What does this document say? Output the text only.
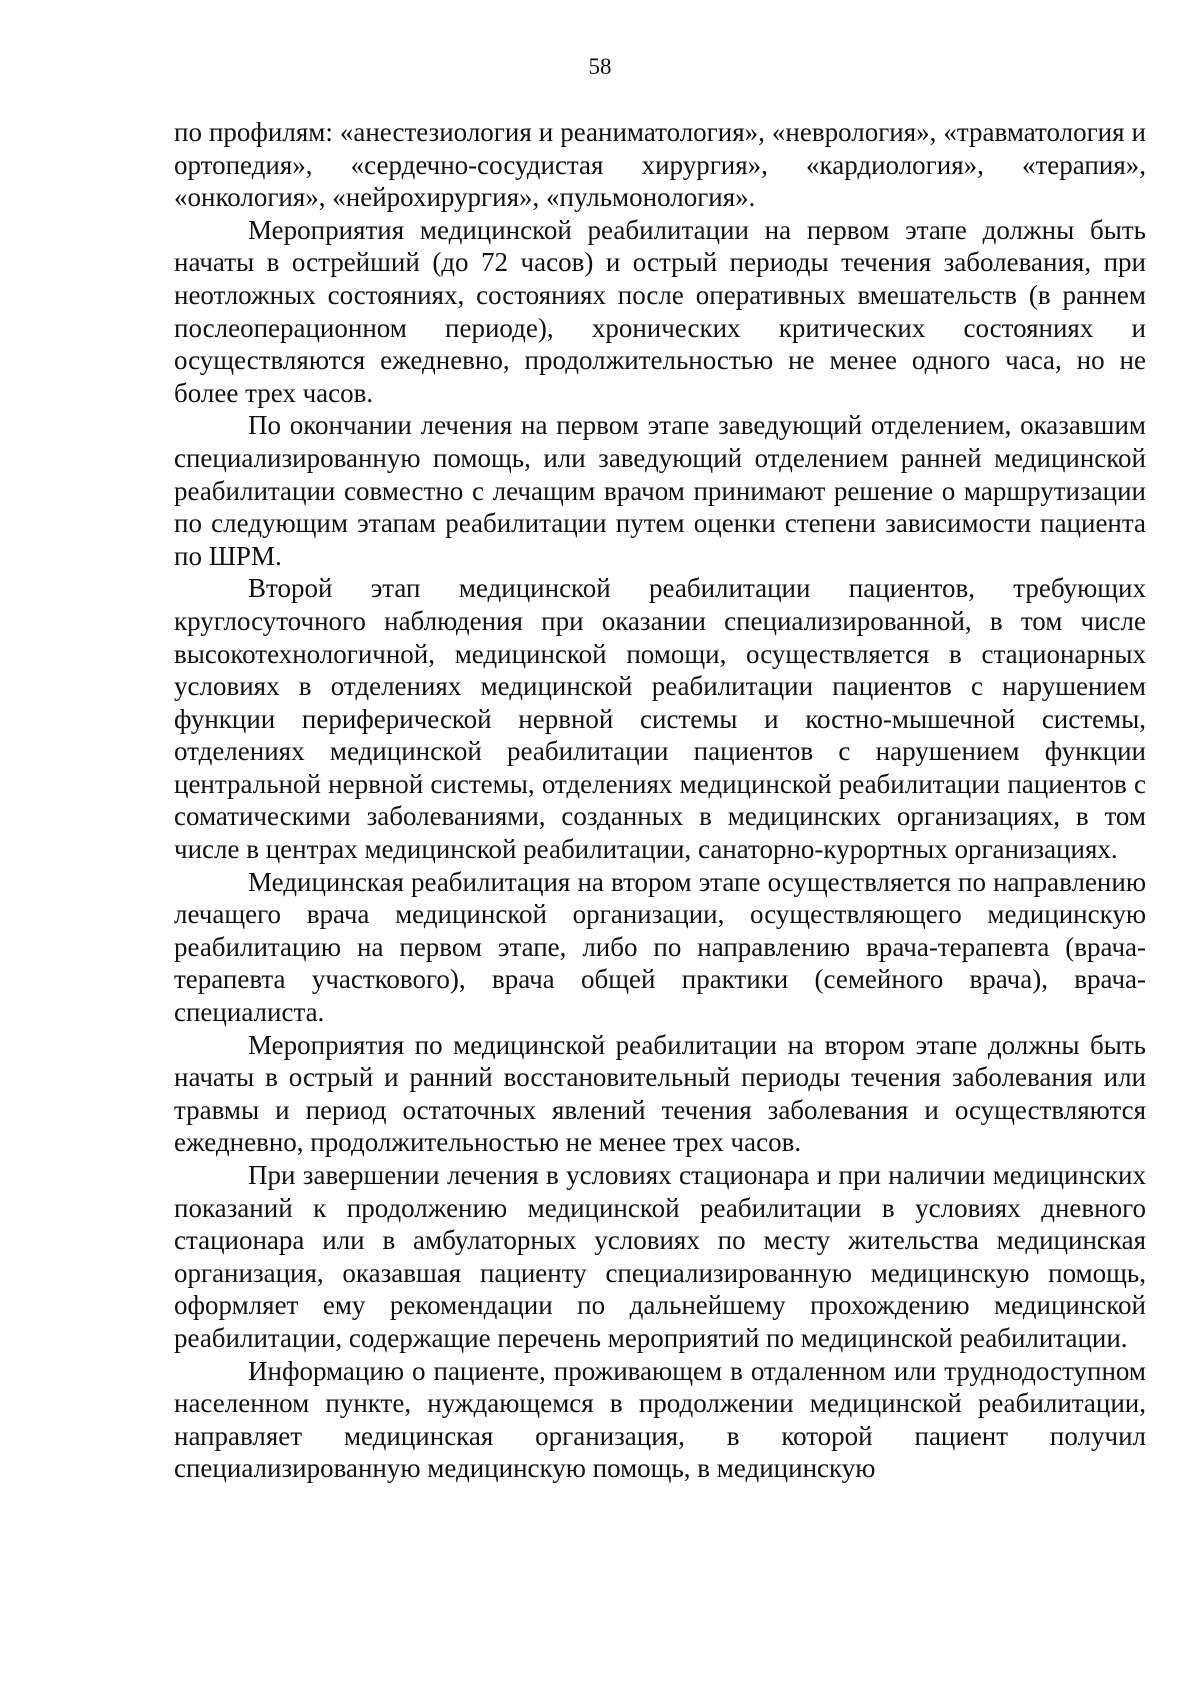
58

по профилям: «анестезиология и реаниматология», «неврология», «травматология и ортопедия», «сердечно-сосудистая хирургия», «кардиология», «терапия», «онкология», «нейрохирургия», «пульмонология».

Мероприятия медицинской реабилитации на первом этапе должны быть начаты в острейший (до 72 часов) и острый периоды течения заболевания, при неотложных состояниях, состояниях после оперативных вмешательств (в раннем послеоперационном периоде), хронических критических состояниях и осуществляются ежедневно, продолжительностью не менее одного часа, но не более трех часов.

По окончании лечения на первом этапе заведующий отделением, оказавшим специализированную помощь, или заведующий отделением ранней медицинской реабилитации совместно с лечащим врачом принимают решение о маршрутизации по следующим этапам реабилитации путем оценки степени зависимости пациента по ШРМ.

Второй этап медицинской реабилитации пациентов, требующих круглосуточного наблюдения при оказании специализированной, в том числе высокотехнологичной, медицинской помощи, осуществляется в стационарных условиях в отделениях медицинской реабилитации пациентов с нарушением функции периферической нервной системы и костно-мышечной системы, отделениях медицинской реабилитации пациентов с нарушением функции центральной нервной системы, отделениях медицинской реабилитации пациентов с соматическими заболеваниями, созданных в медицинских организациях, в том числе в центрах медицинской реабилитации, санаторно-курортных организациях.

Медицинская реабилитация на втором этапе осуществляется по направлению лечащего врача медицинской организации, осуществляющего медицинскую реабилитацию на первом этапе, либо по направлению врача-терапевта (врача-терапевта участкового), врача общей практики (семейного врача), врача-специалиста.

Мероприятия по медицинской реабилитации на втором этапе должны быть начаты в острый и ранний восстановительный периоды течения заболевания или травмы и период остаточных явлений течения заболевания и осуществляются ежедневно, продолжительностью не менее трех часов.

При завершении лечения в условиях стационара и при наличии медицинских показаний к продолжению медицинской реабилитации в условиях дневного стационара или в амбулаторных условиях по месту жительства медицинская организация, оказавшая пациенту специализированную медицинскую помощь, оформляет ему рекомендации по дальнейшему прохождению медицинской реабилитации, содержащие перечень мероприятий по медицинской реабилитации.

Информацию о пациенте, проживающем в отдаленном или труднодоступном населенном пункте, нуждающемся в продолжении медицинской реабилитации, направляет медицинская организация, в которой пациент получил специализированную медицинскую помощь, в медицинскую
